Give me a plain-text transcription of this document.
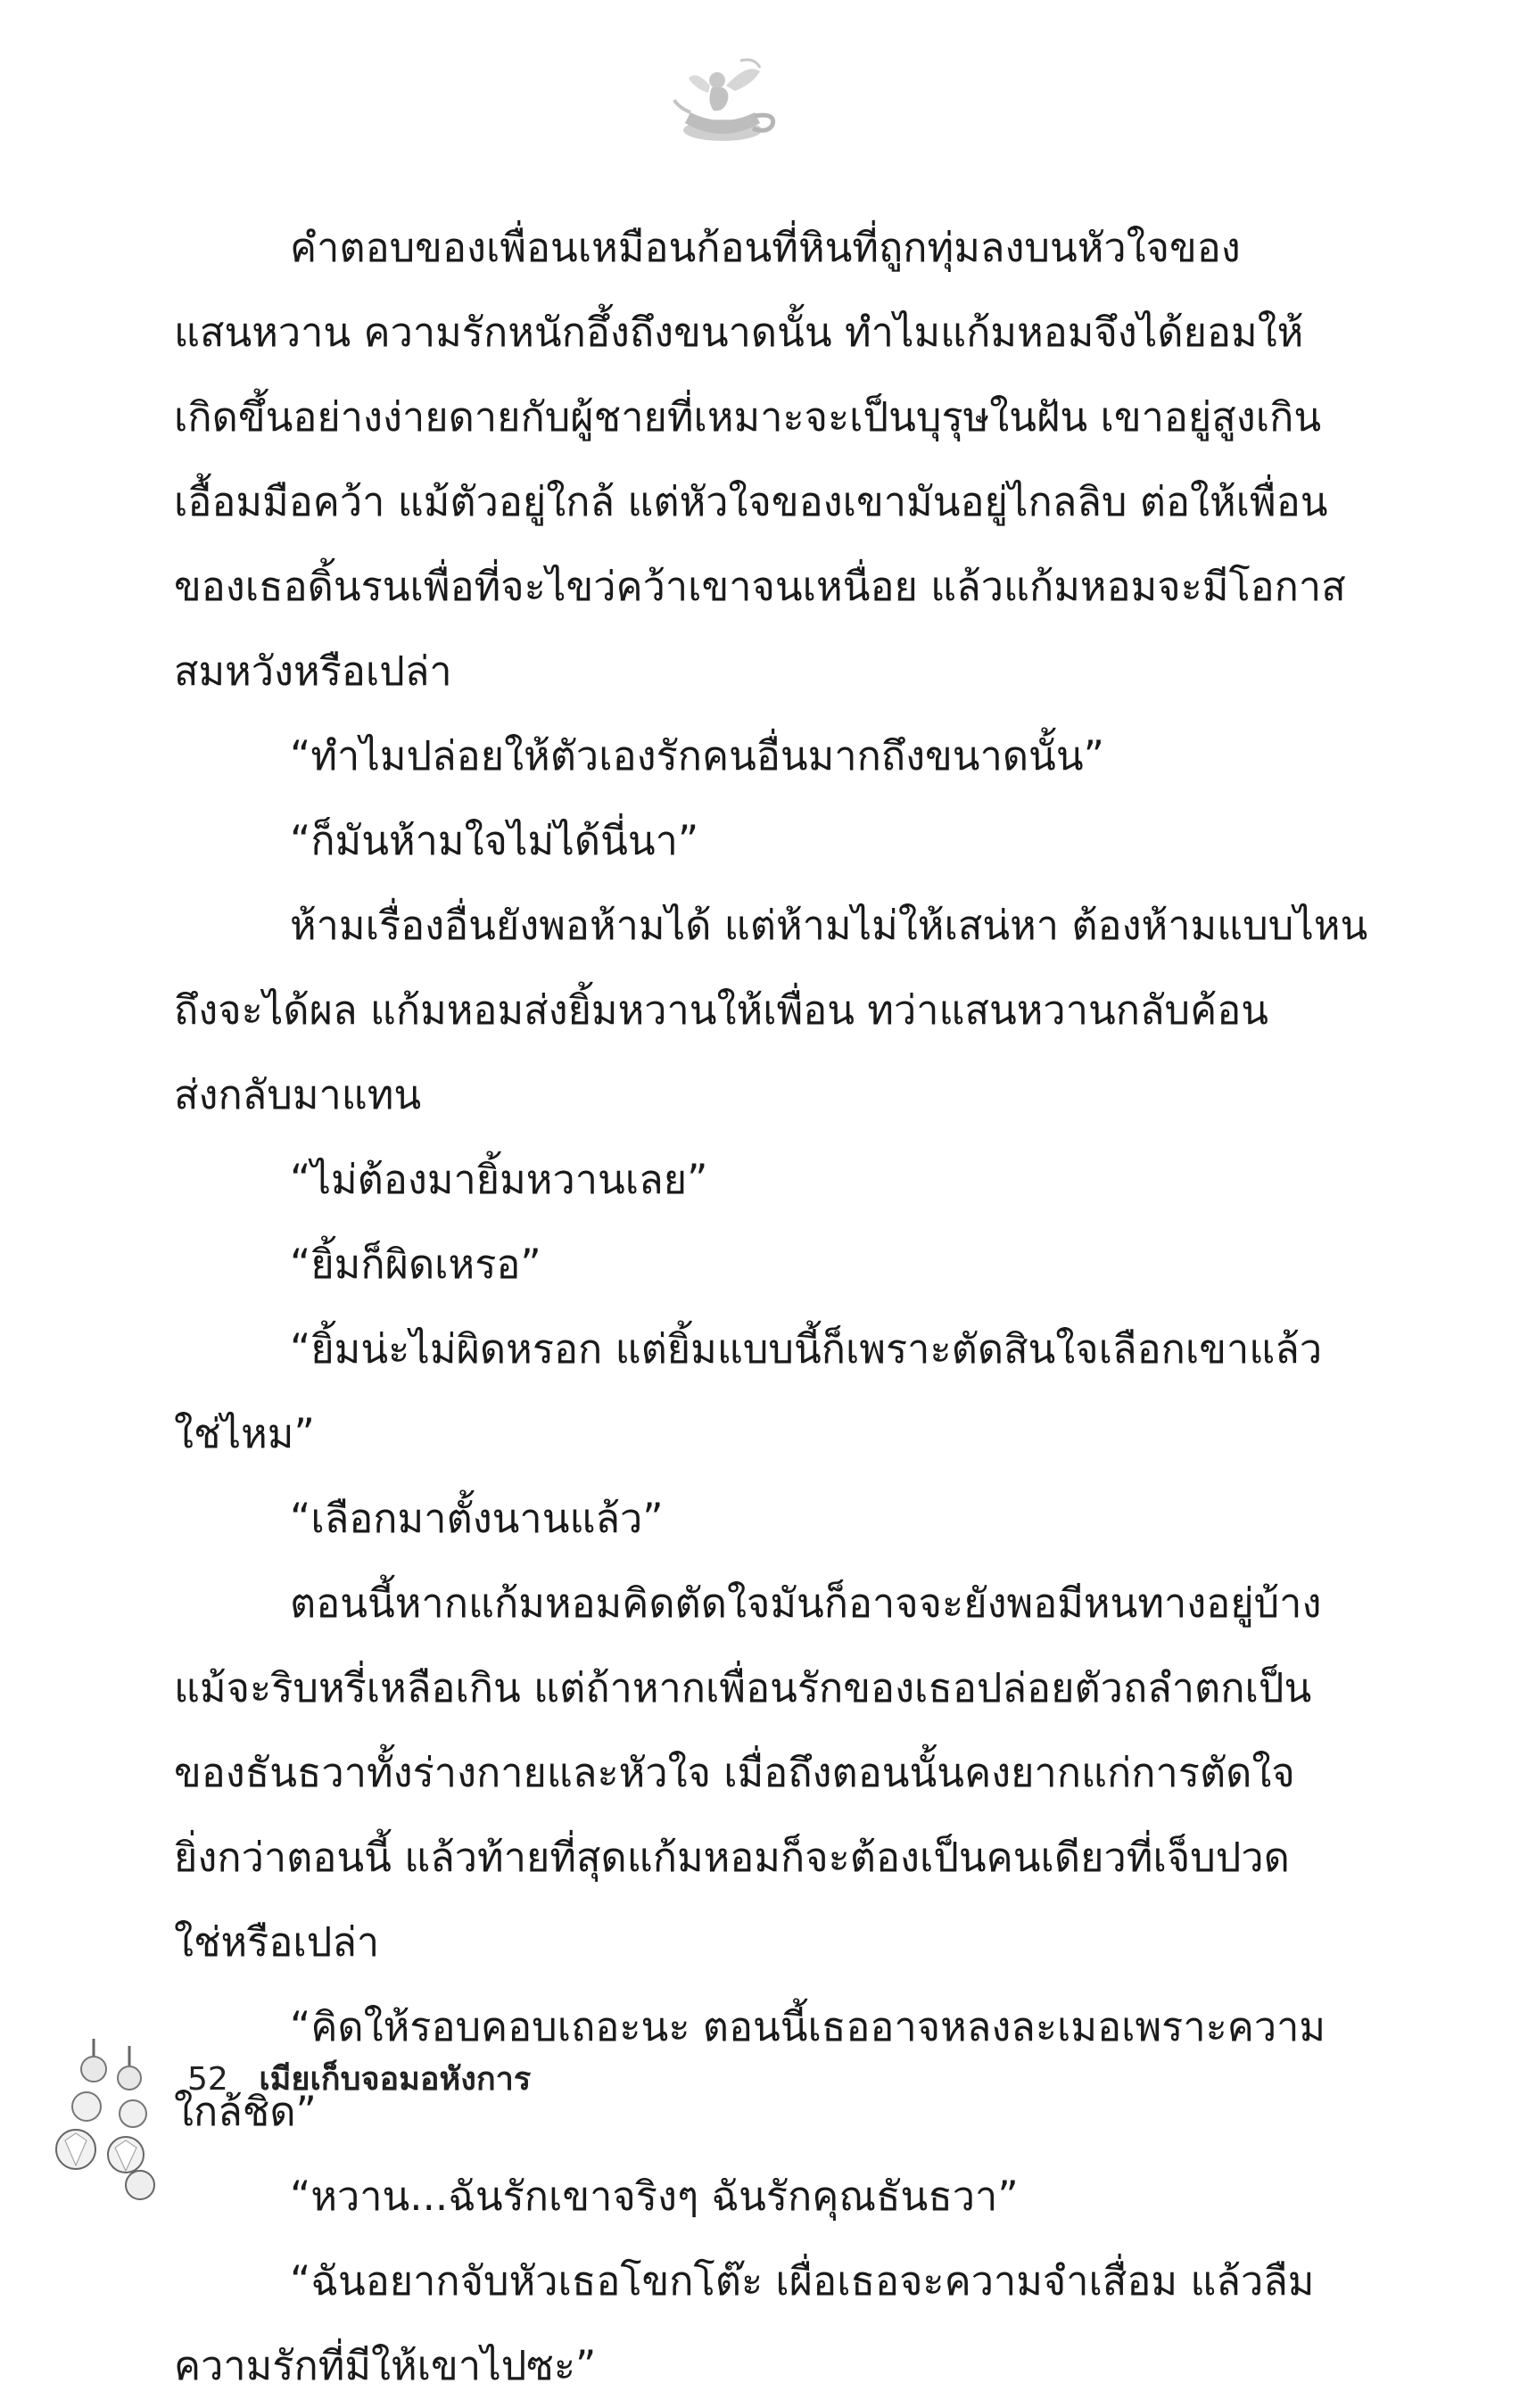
คำตอบของเพื่อนเหมือนก้อนที่หินที่ถูกทุ่มลงบนหัวใจของ
แสนหวาน ความรักหนักอึ้งถึงขนาดนั้น ทำไมแก้มหอมจึงได้ยอมให้
เกิดขึ้นอย่างง่ายดายกับผู้ชายที่เหมาะจะเป็นบุรุษในฝัน เขาอยู่สูงเกิน
เอื้อมมือคว้า แม้ตัวอยู่ใกล้ แต่หัวใจของเขามันอยู่ไกลลิบ ต่อให้เพื่อน
ของเธอดิ้นรนเพื่อที่จะไขว่คว้าเขาจนเหนื่อย แล้วแก้มหอมจะมีโอกาส
สมหวังหรือเปล่า
“ทำไมปล่อยให้ตัวเองรักคนอื่นมากถึงขนาดนั้น”
“ก็มันห้ามใจไม่ได้นี่นา”
ห้ามเรื่องอื่นยังพอห้ามได้ แต่ห้ามไม่ให้เสน่หา ต้องห้ามแบบไหน
ถึงจะได้ผล แก้มหอมส่งยิ้มหวานให้เพื่อน ทว่าแสนหวานกลับค้อน
ส่งกลับมาแทน
“ไม่ต้องมายิ้มหวานเลย”
“ยิ้มก็ผิดเหรอ”
“ยิ้มน่ะไม่ผิดหรอก แต่ยิ้มแบบนี้ก็เพราะตัดสินใจเลือกเขาแล้ว
ใช่ไหม”
“เลือกมาตั้งนานแล้ว”
ตอนนี้หากแก้มหอมคิดตัดใจมันก็อาจจะยังพอมีหนทางอยู่บ้าง
แม้จะริบหรี่เหลือเกิน แต่ถ้าหากเพื่อนรักของเธอปล่อยตัวถลำตกเป็น
ของธันธวาทั้งร่างกายและหัวใจ เมื่อถึงตอนนั้นคงยากแก่การตัดใจ
ยิ่งกว่าตอนนี้ แล้วท้ายที่สุดแก้มหอมก็จะต้องเป็นคนเดียวที่เจ็บปวด
ใช่หรือเปล่า
“คิดให้รอบคอบเถอะนะ ตอนนี้เธออาจหลงละเมอเพราะความ
ใกล้ชิด”
“หวาน...ฉันรักเขาจริงๆ ฉันรักคุณธันธวา”
“ฉันอยากจับหัวเธอโขกโต๊ะ เผื่อเธอจะความจำเสื่อม แล้วลืม
ความรักที่มีให้เขาไปซะ”
52 เมียเก็บจอมอหังการ
